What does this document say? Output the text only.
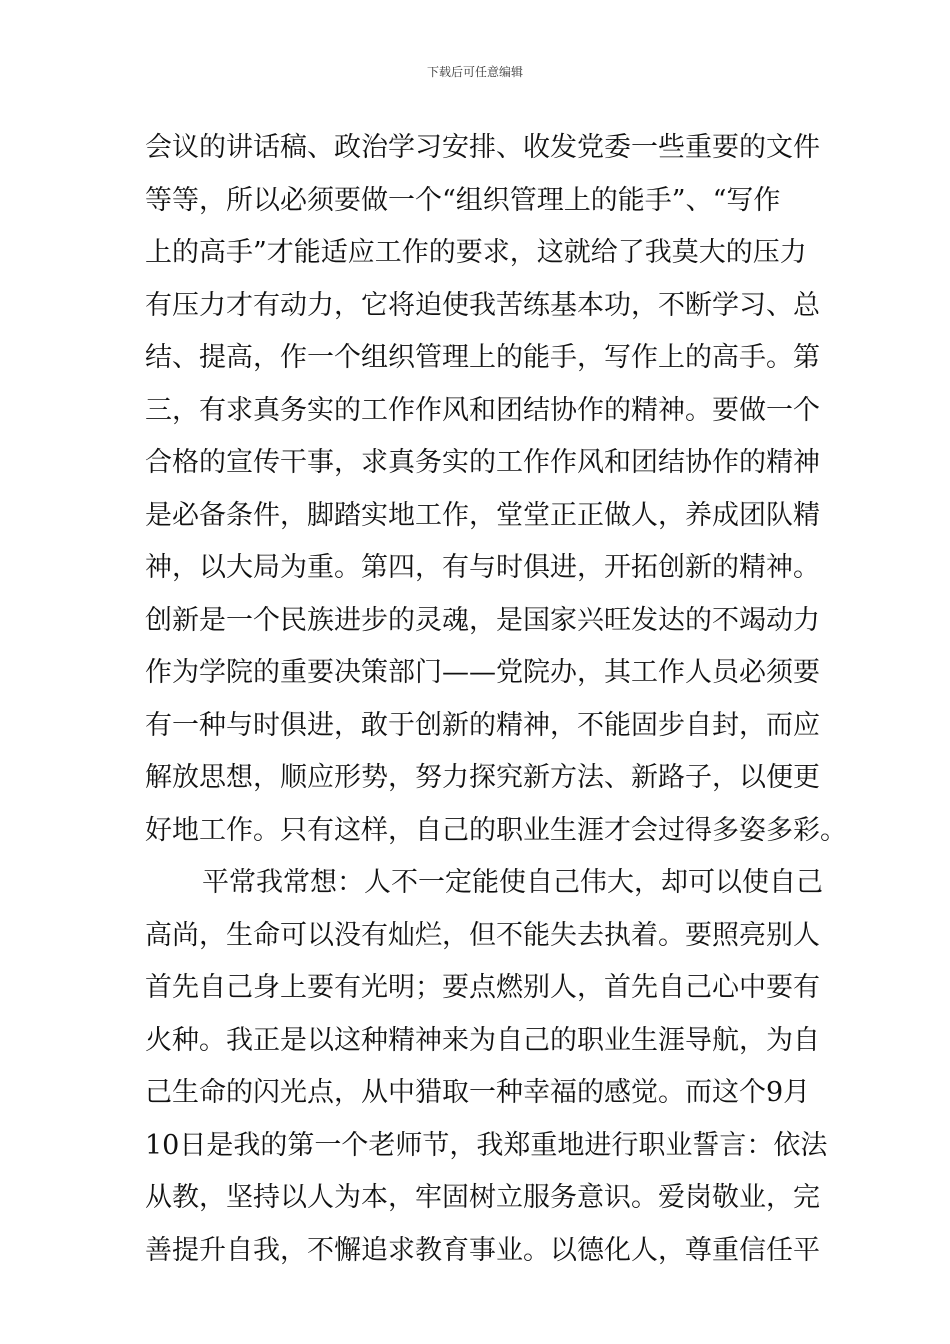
下载后可任意编辑
会议的讲话稿、政治学习安排、收发党委一些重要的文件
等等，所以必须要做一个“组织管理上的能手”、“写作
上的高手”才能适应工作的要求，这就给了我莫大的压力
有压力才有动力，它将迫使我苦练基本功，不断学习、总
结、提高，作一个组织管理上的能手，写作上的高手。第
三，有求真务实的工作作风和团结协作的精神。要做一个
合格的宣传干事，求真务实的工作作风和团结协作的精神
是必备条件，脚踏实地工作，堂堂正正做人，养成团队精
神，以大局为重。第四，有与时俱进，开拓创新的精神。
创新是一个民族进步的灵魂，是国家兴旺发达的不竭动力
作为学院的重要决策部门——党院办，其工作人员必须要
有一种与时俱进，敢于创新的精神，不能固步自封，而应
解放思想，顺应形势，努力探究新方法、新路子，以便更
好地工作。只有这样，自己的职业生涯才会过得多姿多彩。
平常我常想：人不一定能使自己伟大，却可以使自己
高尚，生命可以没有灿烂，但不能失去执着。要照亮别人
首先自己身上要有光明；要点燃别人，首先自己心中要有
火种。我正是以这种精神来为自己的职业生涯导航，为自
己生命的闪光点，从中猎取一种幸福的感觉。而这个9月
10日是我的第一个老师节，我郑重地进行职业誓言：依法
从教，坚持以人为本，牢固树立服务意识。爱岗敬业，完
善提升自我，不懈追求教育事业。以德化人，尊重信任平
